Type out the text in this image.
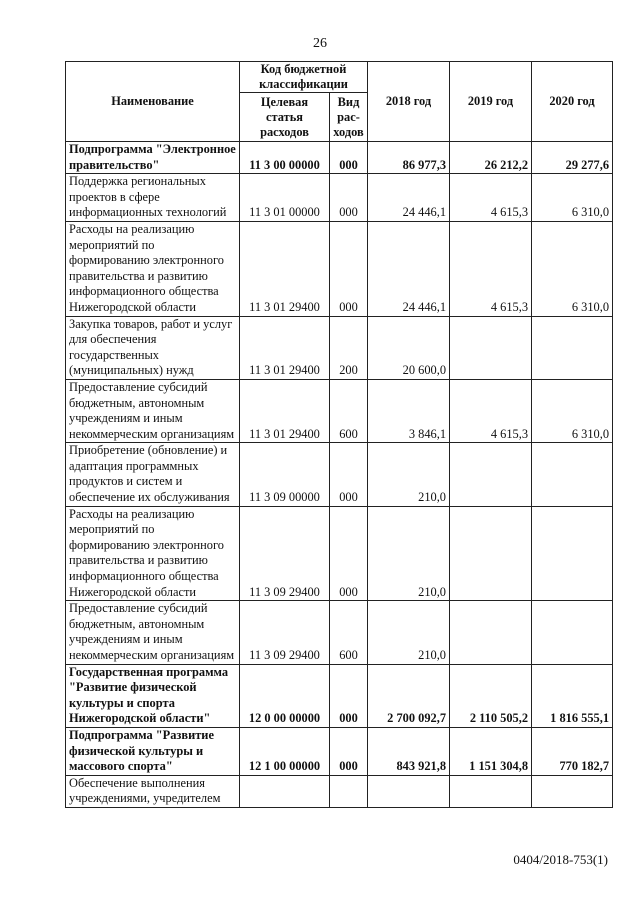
26
Наименование	Код бюджетной классификации		2018 год	2019 год	2020 год
	Целевая статья расходов	Вид рас-ходов			
Подпрограмма "Электронное правительство"	11 3 00 00000	000	86 977,3	26 212,2	29 277,6
Поддержка региональных проектов в сфере информационных технологий	11 3 01 00000	000	24 446,1	4 615,3	6 310,0
Расходы на реализацию мероприятий по формированию электронного правительства и развитию информационного общества Нижегородской области	11 3 01 29400	000	24 446,1	4 615,3	6 310,0
Закупка товаров, работ и услуг для обеспечения государственных (муниципальных) нужд	11 3 01 29400	200	20 600,0		
Предоставление субсидий бюджетным, автономным учреждениям и иным некоммерческим организациям	11 3 01 29400	600	3 846,1	4 615,3	6 310,0
Приобретение (обновление) и адаптация программных продуктов и систем и обеспечение их обслуживания	11 3 09 00000	000	210,0		
Расходы на реализацию мероприятий по формированию электронного правительства и развитию информационного общества Нижегородской области	11 3 09 29400	000	210,0		
Предоставление субсидий бюджетным, автономным учреждениям и иным некоммерческим организациям	11 3 09 29400	600	210,0		
Государственная программа "Развитие физической культуры и спорта Нижегородской области"	12 0 00 00000	000	2 700 092,7	2 110 505,2	1 816 555,1
Подпрограмма "Развитие физической культуры и массового спорта"	12 1 00 00000	000	843 921,8	1 151 304,8	770 182,7
Обеспечение выполнения учреждениями, учредителем					
0404/2018-753(1)
